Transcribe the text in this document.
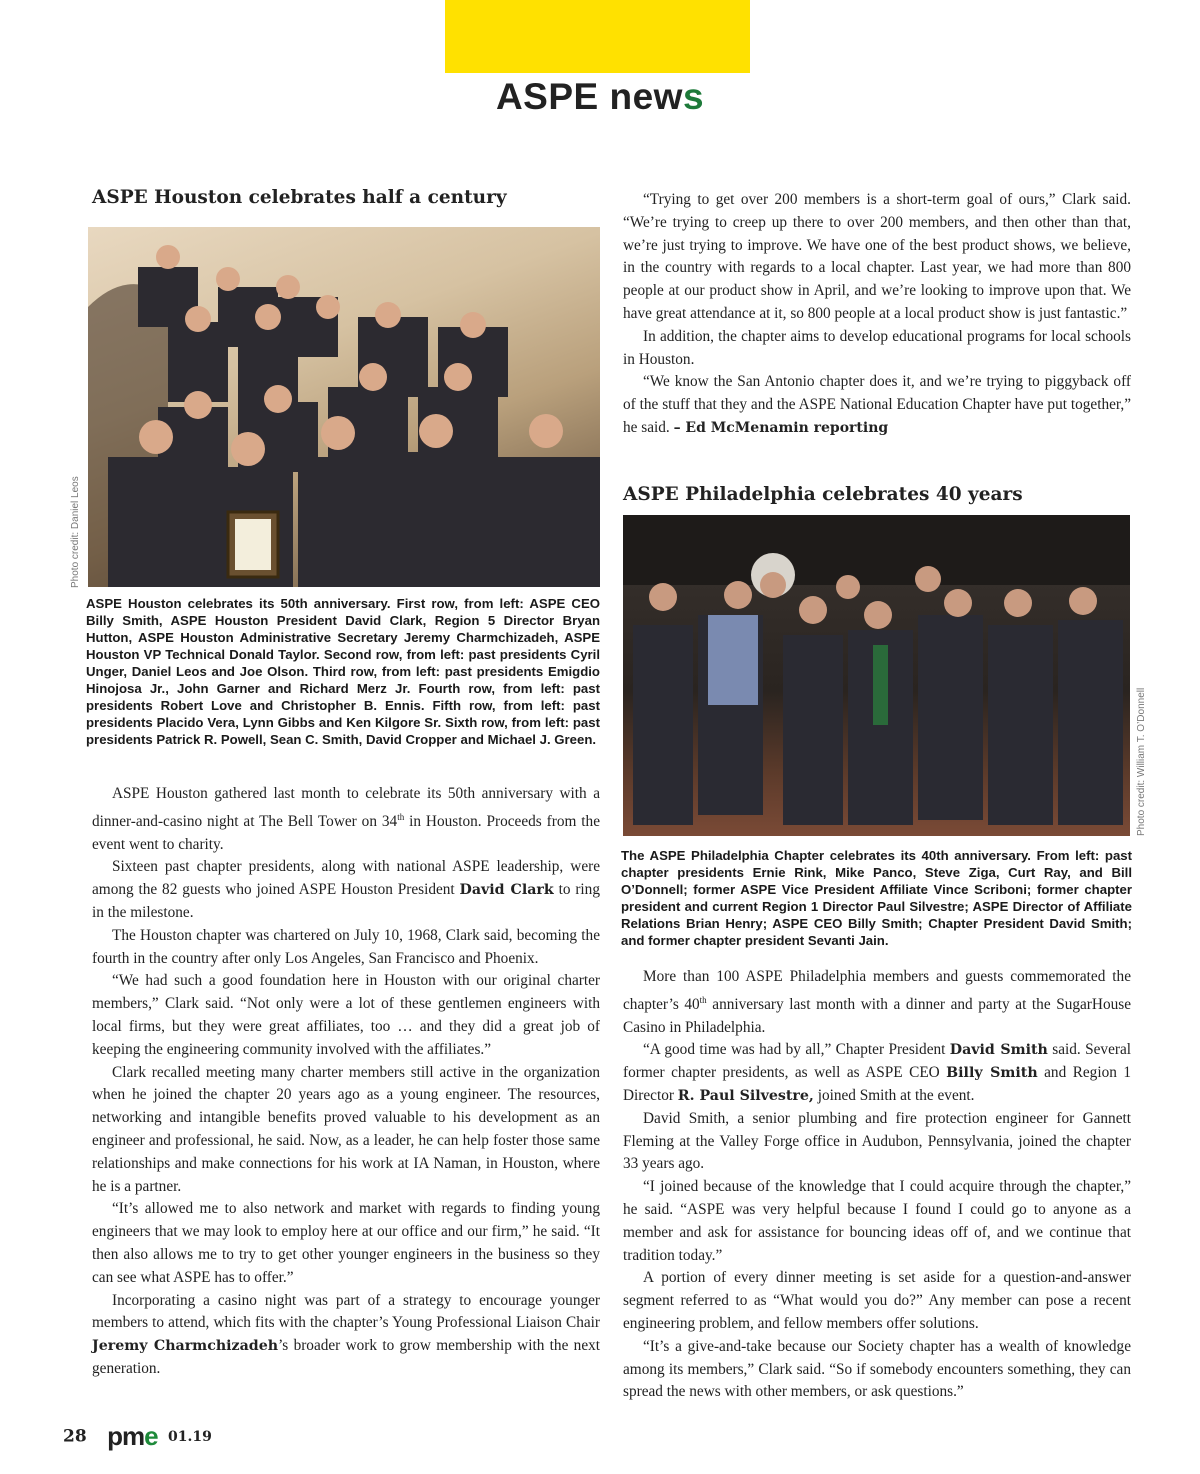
ASPE news
ASPE Houston celebrates half a century
Photo credit: Daniel Leos

ASPE Houston celebrates its 50th anniversary. First row, from left: ASPE CEO Billy Smith, ASPE Houston President David Clark, Region 5 Director Bryan Hutton, ASPE Houston Administrative Secretary Jeremy Charmchizadeh, ASPE Houston VP Technical Donald Taylor. Second row, from left: past presidents Cyril Unger, Daniel Leos and Joe Olson. Third row, from left: past presidents Emigdio Hinojosa Jr., John Garner and Richard Merz Jr. Fourth row, from left: past presidents Robert Love and Christopher B. Ennis. Fifth row, from left: past presidents Placido Vera, Lynn Gibbs and Ken Kilgore Sr. Sixth row, from left: past presidents Patrick R. Powell, Sean C. Smith, David Cropper and Michael J. Green.

ASPE Houston gathered last month to celebrate its 50th anniversary with a dinner-and-casino night at The Bell Tower on 34th in Houston. Proceeds from the event went to charity.

Sixteen past chapter presidents, along with national ASPE leadership, were among the 82 guests who joined ASPE Houston President David Clark to ring in the milestone.

The Houston chapter was chartered on July 10, 1968, Clark said, becoming the fourth in the country after only Los Angeles, San Francisco and Phoenix.

“We had such a good foundation here in Houston with our original charter members,” Clark said. “Not only were a lot of these gentlemen engineers with local firms, but they were great affiliates, too … and they did a great job of keeping the engineering community involved with the affiliates.”

Clark recalled meeting many charter members still active in the organization when he joined the chapter 20 years ago as a young engineer. The resources, networking and intangible benefits proved valuable to his development as an engineer and professional, he said. Now, as a leader, he can help foster those same relationships and make connections for his work at IA Naman, in Houston, where he is a partner.

“It’s allowed me to also network and market with regards to finding young engineers that we may look to employ here at our office and our firm,” he said. “It then also allows me to try to get other younger engineers in the business so they can see what ASPE has to offer.”

Incorporating a casino night was part of a strategy to encourage younger members to attend, which fits with the chapter’s Young Professional Liaison Chair Jeremy Charmchizadeh’s broader work to grow membership with the next generation.

“Trying to get over 200 members is a short-term goal of ours,” Clark said. “We’re trying to creep up there to over 200 members, and then other than that, we’re just trying to improve. We have one of the best product shows, we believe, in the country with regards to a local chapter. Last year, we had more than 800 people at our product show in April, and we’re looking to improve upon that. We have great attendance at it, so 800 people at a local product show is just fantastic.”

In addition, the chapter aims to develop educational programs for local schools in Houston.

“We know the San Antonio chapter does it, and we’re trying to piggyback off of the stuff that they and the ASPE National Education Chapter have put together,” he said. – Ed McMenamin reporting

ASPE Philadelphia celebrates 40 years
Photo credit: William T. O’Donnell

The ASPE Philadelphia Chapter celebrates its 40th anniversary. From left: past chapter presidents Ernie Rink, Mike Panco, Steve Ziga, Curt Ray, and Bill O’Donnell; former ASPE Vice President Affiliate Vince Scriboni; former chapter president and current Region 1 Director Paul Silvestre; ASPE Director of Affiliate Relations Brian Henry; ASPE CEO Billy Smith; Chapter President David Smith; and former chapter president Sevanti Jain.

More than 100 ASPE Philadelphia members and guests commemorated the chapter’s 40th anniversary last month with a dinner and party at the SugarHouse Casino in Philadelphia.

“A good time was had by all,” Chapter President David Smith said. Several former chapter presidents, as well as ASPE CEO Billy Smith and Region 1 Director R. Paul Silvestre, joined Smith at the event.

David Smith, a senior plumbing and fire protection engineer for Gannett Fleming at the Valley Forge office in Audubon, Pennsylvania, joined the chapter 33 years ago.

“I joined because of the knowledge that I could acquire through the chapter,” he said. “ASPE was very helpful because I found I could go to anyone as a member and ask for assistance for bouncing ideas off of, and we continue that tradition today.”

A portion of every dinner meeting is set aside for a question-and-answer segment referred to as “What would you do?” Any member can pose a recent engineering problem, and fellow members offer solutions.

“It’s a give-and-take because our Society chapter has a wealth of knowledge among its members,” Clark said. “So if somebody encounters something, they can spread the news with other members, or ask questions.”

28 pme 01.19
